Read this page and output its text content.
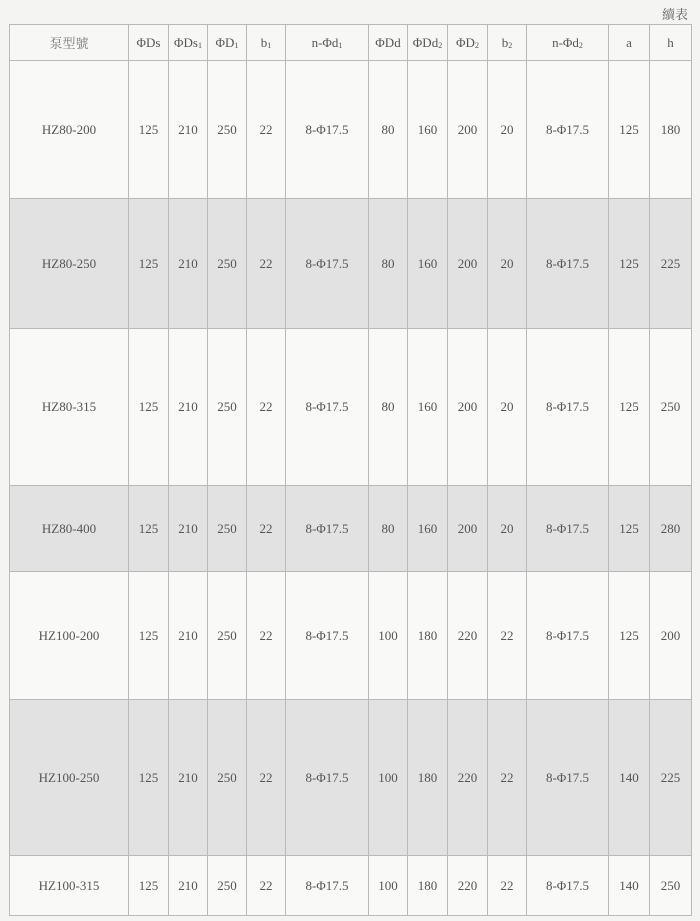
續表
泵型號	ΦDs	ΦDs$_1$	$\Phi D_1$	$b_1$	$n-\Phi d_1$	ΦDd	ΦDd$_2$	$\Phi D_2$	$b_2$	$n-\Phi d_2$	a	h
HZ80-200	125	210	250	22	8-Φ17.5	80	160	200	20	8-Φ17.5	125	180
HZ80-250	125	210	250	22	8-Φ17.5	80	160	200	20	8-Φ17.5	125	225
HZ80-315	125	210	250	22	8-Φ17.5	80	160	200	20	8-Φ17.5	125	250
HZ80-400	125	210	250	22	8-Φ17.5	80	160	200	20	8-Φ17.5	125	280
HZ100-200	125	210	250	22	8-Φ17.5	100	180	220	22	8-Φ17.5	125	200
HZ100-250	125	210	250	22	8-Φ17.5	100	180	220	22	8-Φ17.5	140	225
HZ100-315	125	210	250	22	8-Φ17.5	100	180	220	22	8-Φ17.5	140	250
